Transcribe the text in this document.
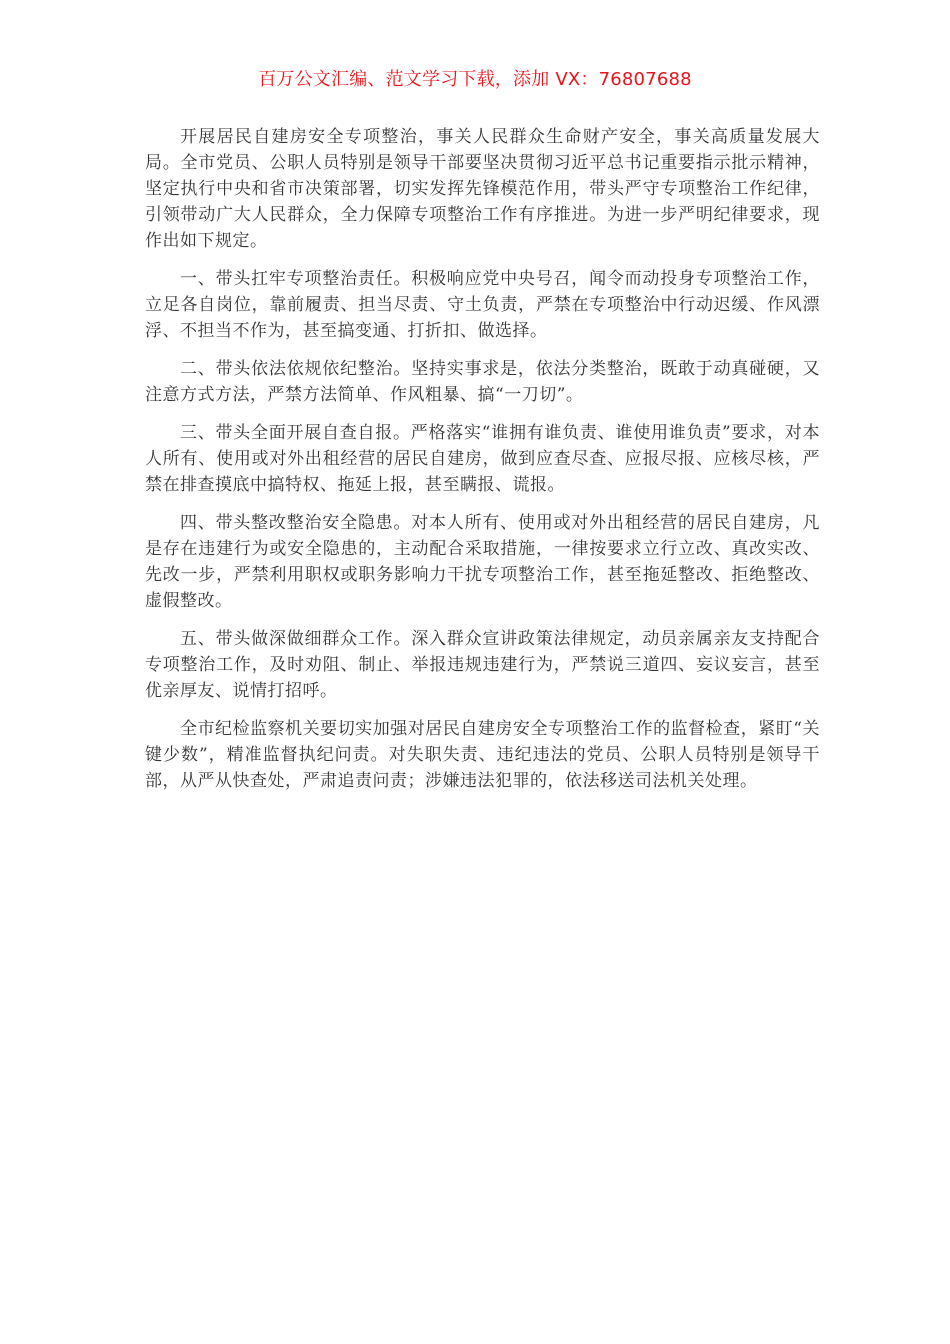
百万公文汇编、范文学习下载，添加 VX：76807688

开展居民自建房安全专项整治，事关人民群众生命财产安全，事关高质量发展大局。全市党员、公职人员特别是领导干部要坚决贯彻习近平总书记重要指示批示精神，坚定执行中央和省市决策部署，切实发挥先锋模范作用，带头严守专项整治工作纪律，引领带动广大人民群众，全力保障专项整治工作有序推进。为进一步严明纪律要求，现作出如下规定。

一、带头扛牢专项整治责任。积极响应党中央号召，闻令而动投身专项整治工作，立足各自岗位，靠前履责、担当尽责、守土负责，严禁在专项整治中行动迟缓、作风漂浮、不担当不作为，甚至搞变通、打折扣、做选择。

二、带头依法依规依纪整治。坚持实事求是，依法分类整治，既敢于动真碰硬，又注意方式方法，严禁方法简单、作风粗暴、搞“一刀切”。

三、带头全面开展自查自报。严格落实“谁拥有谁负责、谁使用谁负责”要求，对本人所有、使用或对外出租经营的居民自建房，做到应查尽查、应报尽报、应核尽核，严禁在排查摸底中搞特权、拖延上报，甚至瞒报、谎报。

四、带头整改整治安全隐患。对本人所有、使用或对外出租经营的居民自建房，凡是存在违建行为或安全隐患的，主动配合采取措施，一律按要求立行立改、真改实改、先改一步，严禁利用职权或职务影响力干扰专项整治工作，甚至拖延整改、拒绝整改、虚假整改。

五、带头做深做细群众工作。深入群众宣讲政策法律规定，动员亲属亲友支持配合专项整治工作，及时劝阻、制止、举报违规违建行为，严禁说三道四、妄议妄言，甚至优亲厚友、说情打招呼。

全市纪检监察机关要切实加强对居民自建房安全专项整治工作的监督检查，紧盯“关键少数”，精准监督执纪问责。对失职失责、违纪违法的党员、公职人员特别是领导干部，从严从快查处，严肃追责问责；涉嫌违法犯罪的，依法移送司法机关处理。
